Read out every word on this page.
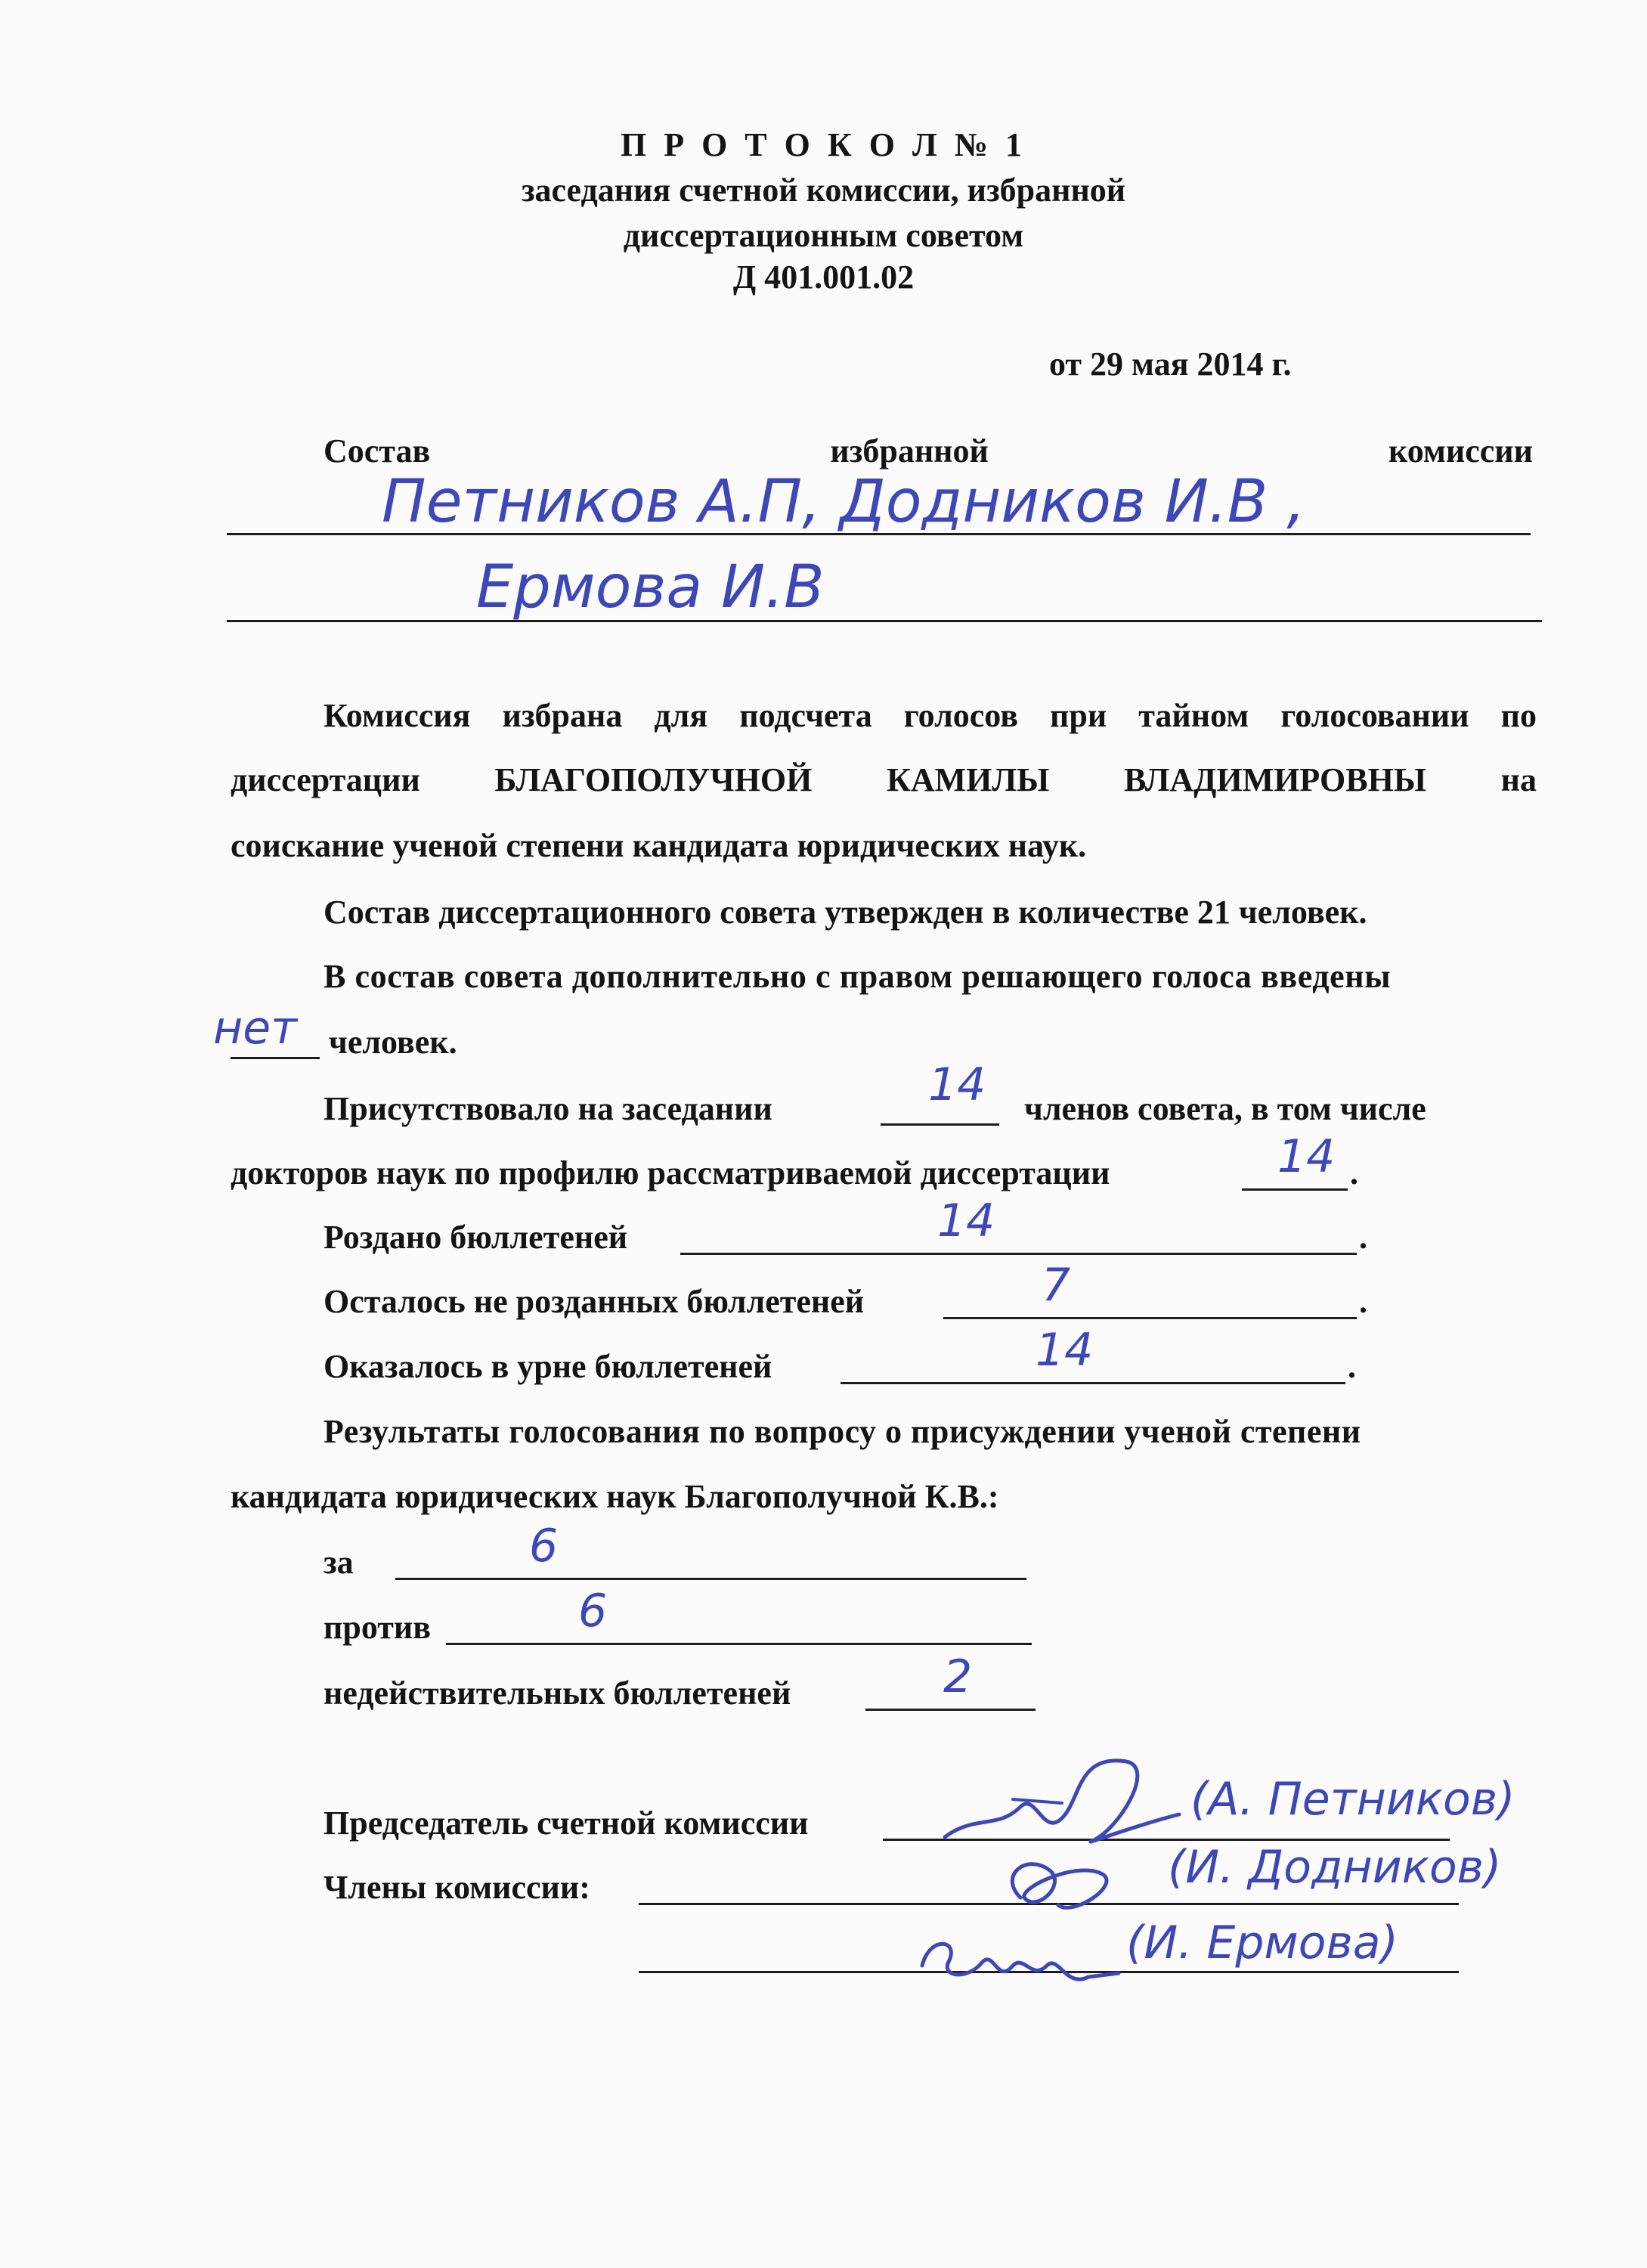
П Р О Т О К О Л № 1
заседания счетной комиссии, избранной
диссертационным советом
Д 401.001.02
от 29 мая 2014 г.
Состав	избранной	комиссии
Петников А.П, Додников И.В ,
Ермова И.В
Комиссия избрана для подсчета голосов при тайном голосовании по
диссертации БЛАГОПОЛУЧНОЙ КАМИЛЫ ВЛАДИМИРОВНЫ на
соискание ученой степени кандидата юридических наук.
Состав диссертационного совета утвержден в количестве 21 человек.
В состав совета дополнительно с правом решающего голоса введены
нет человек.
Присутствовало на заседании	14 членов совета, в том числе
докторов наук по профилю рассматриваемой диссертации	14 .
Роздано бюллетеней	14	.
Осталось не розданных бюллетеней	7	.
Оказалось в урне бюллетеней	14	.
Результаты голосования по вопросу о присуждении ученой степени
кандидата юридических наук Благополучной К.В.:
за	6
против	6
недействительных бюллетеней	2
Председатель счетной комиссии	(А. Петников)
Члены комиссии:	(И. Додников)
(И. Ермова)
